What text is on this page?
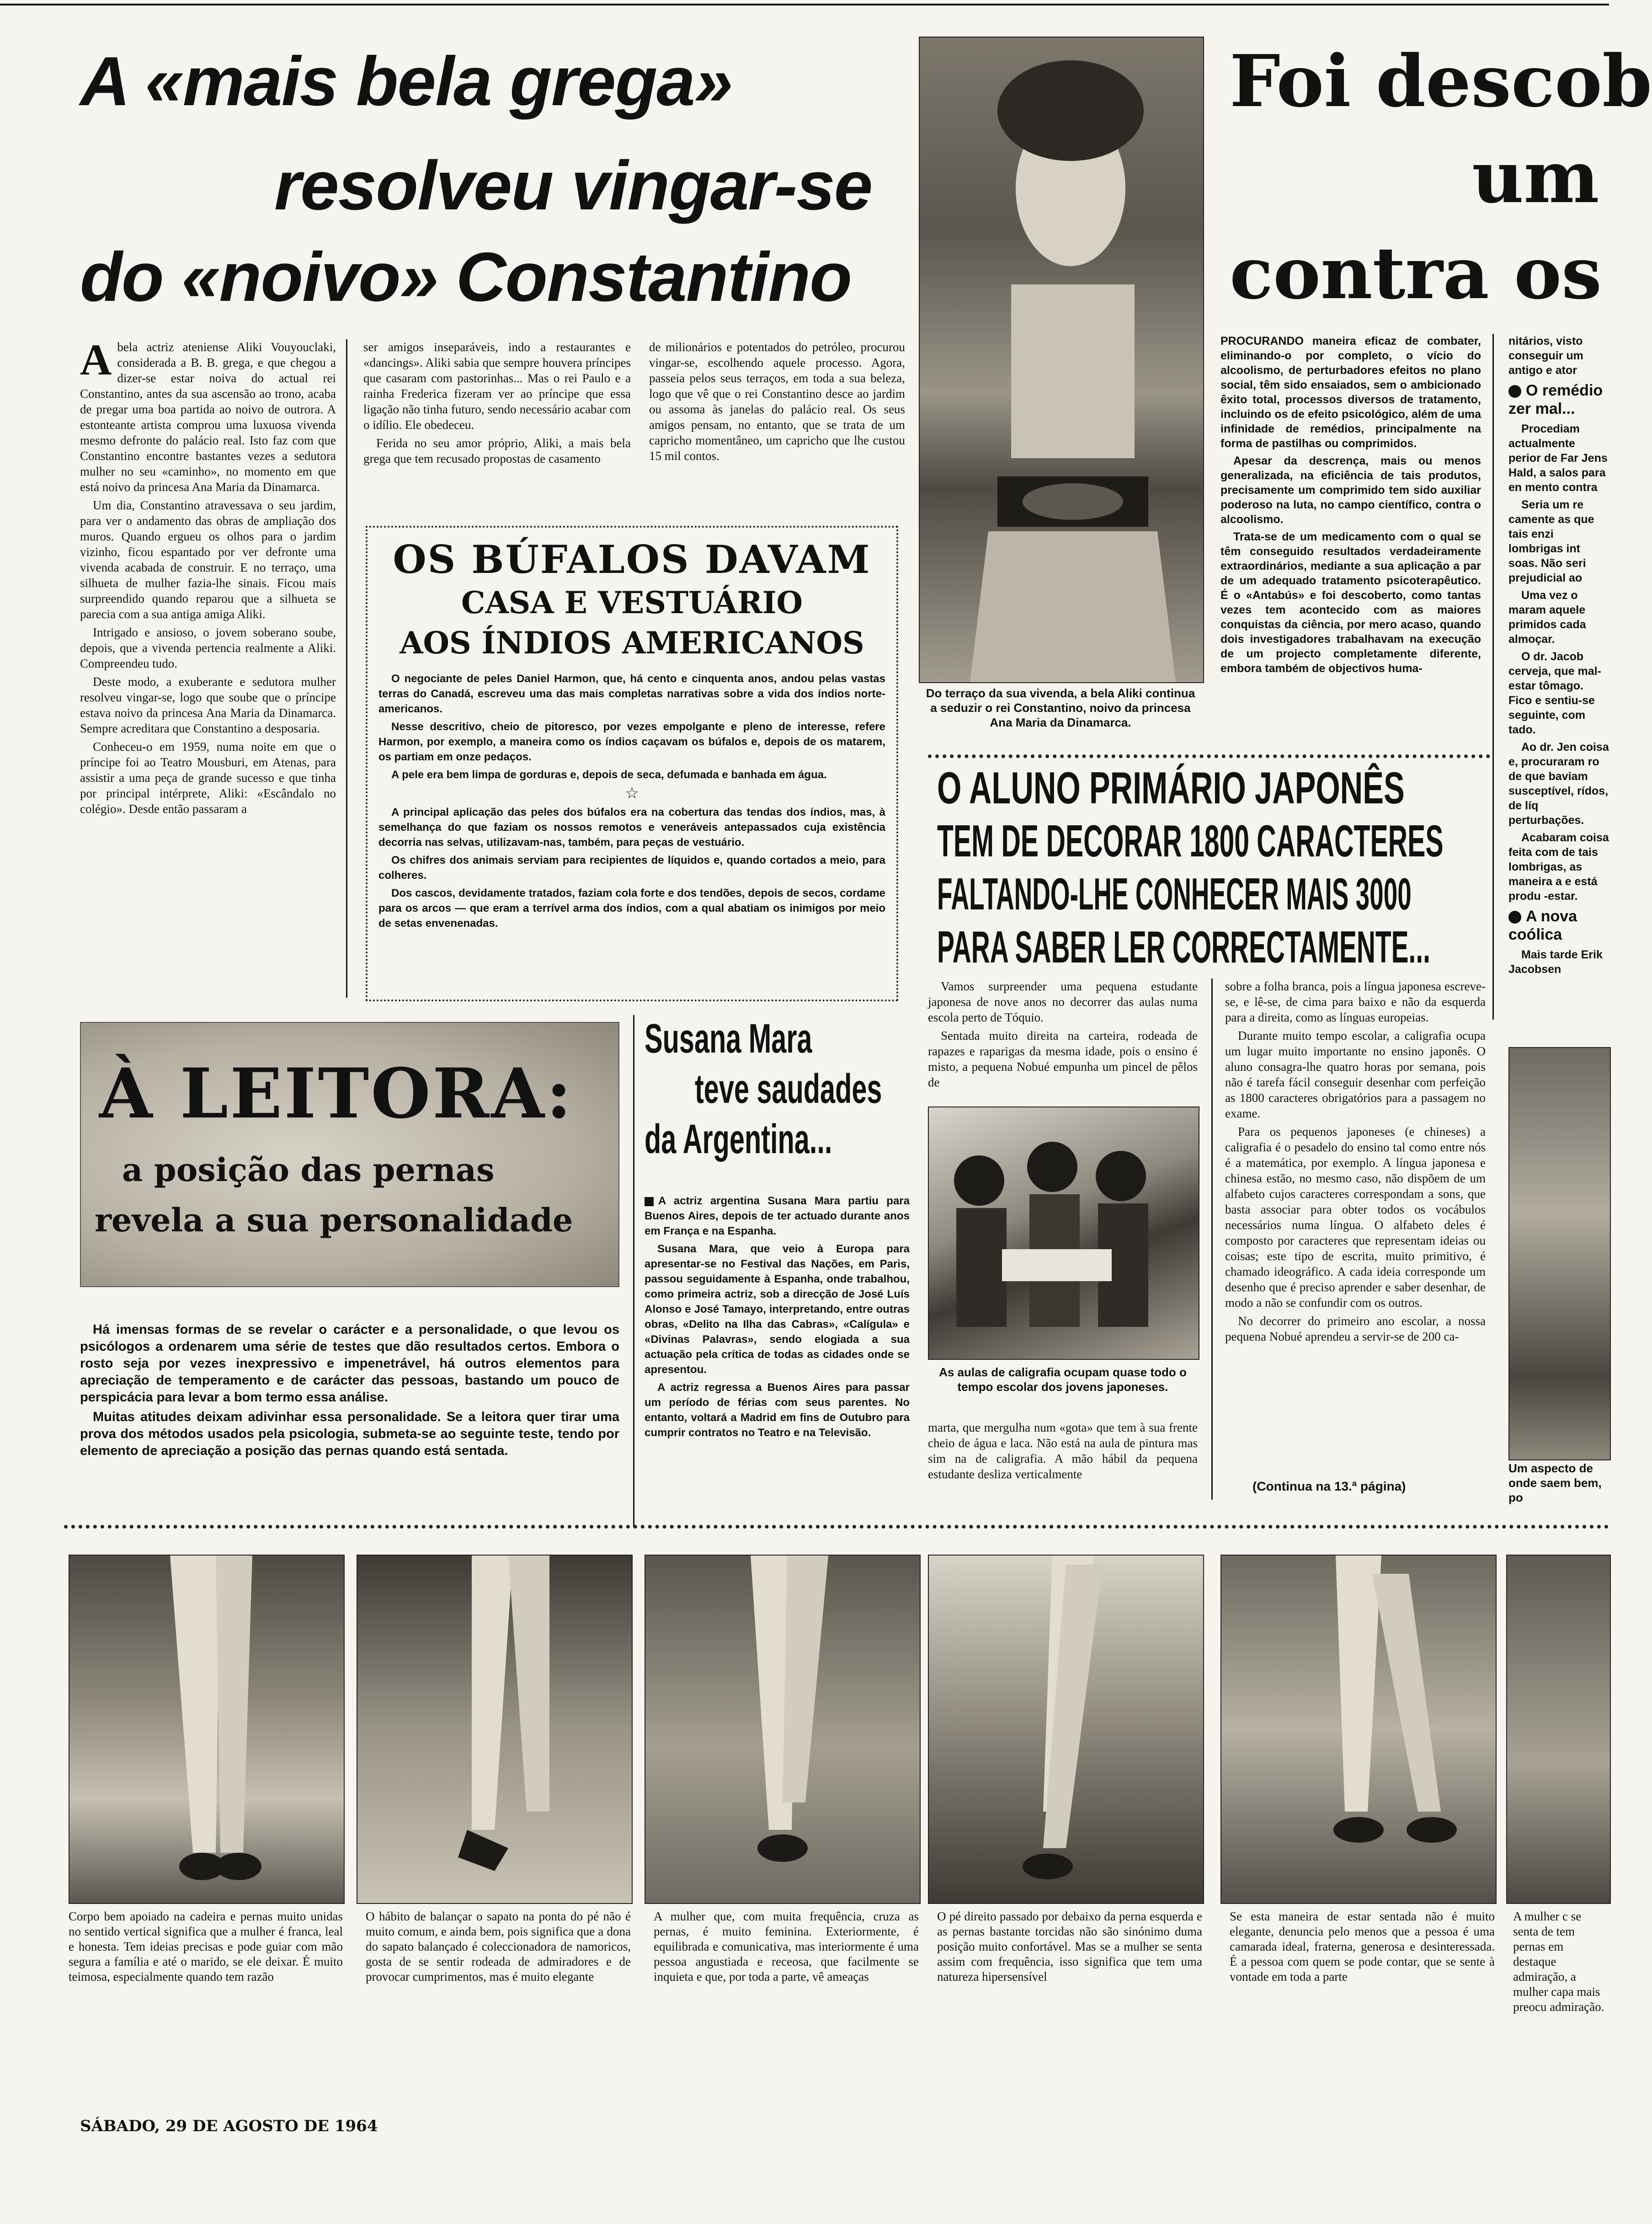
A «mais bela grega»
resolveu vingar-se
do «noivo» Constantino
A bela actriz ateniense Aliki Vouyouclaki, considerada a B. B. grega, e que chegou a dizer-se estar noiva do actual rei Constantino, antes da sua ascensão ao trono, acaba de pregar uma boa partida ao noivo de outrora. A estonteante artista comprou uma luxuosa vivenda mesmo defronte do palácio real. Isto faz com que Constantino encontre bastantes vezes a sedutora mulher no seu «caminho», no momento em que está noivo da princesa Ana Maria da Dinamarca.

Um dia, Constantino atravessava o seu jardim, para ver o andamento das obras de ampliação dos muros. Quando ergueu os olhos para o jardim vizinho, ficou espantado por ver defronte uma vivenda acabada de construir. E no terraço, uma silhueta de mulher fazia-lhe sinais. Ficou mais surpreendido quando reparou que a silhueta se parecia com a sua antiga amiga Aliki.

Intrigado e ansioso, o jovem soberano soube, depois, que a vivenda pertencia realmente a Aliki. Compreendeu tudo.

Deste modo, a exuberante e sedutora mulher resolveu vingar-se, logo que soube que o príncipe estava noivo da princesa Ana Maria da Dinamarca. Sempre acreditara que Constantino a desposaria.

Conheceu-o em 1959, numa noite em que o príncipe foi ao Teatro Mousburi, em Atenas, para assistir a uma peça de grande sucesso e que tinha por principal intérprete, Aliki: «Escândalo no colégio». Desde então passaram a

ser amigos inseparáveis, indo a restaurantes e «dancings». Aliki sabia que sempre houvera príncipes que casaram com pastorinhas... Mas o rei Paulo e a rainha Frederica fizeram ver ao príncipe que essa ligação não tinha futuro, sendo necessário acabar com o idílio. Ele obedeceu.

Ferida no seu amor próprio, Aliki, a mais bela grega que tem recusado propostas de casamento

de milionários e potentados do petróleo, procurou vingar-se, escolhendo aquele processo. Agora, passeia pelos seus terraços, em toda a sua beleza, logo que vê que o rei Constantino desce ao jardim ou assoma às janelas do palácio real. Os seus amigos pensam, no entanto, que se trata de um capricho momentâneo, um capricho que lhe custou 15 mil contos.

OS BÚFALOS DAVAM
CASA E VESTUÁRIO
AOS ÍNDIOS AMERICANOS

O negociante de peles Daniel Harmon, que, há cento e cinquenta anos, andou pelas vastas terras do Canadá, escreveu uma das mais completas narrativas sobre a vida dos índios norte-americanos.

Nesse descritivo, cheio de pitoresco, por vezes empolgante e pleno de interesse, refere Harmon, por exemplo, a maneira como os índios caçavam os búfalos e, depois de os matarem, os partiam em onze pedaços.

A pele era bem limpa de gorduras e, depois de seca, defumada e banhada em água.

☆

A principal aplicação das peles dos búfalos era na cobertura das tendas dos índios, mas, à semelhança do que faziam os nossos remotos e veneráveis antepassados cuja existência decorria nas selvas, utilizavam-nas, também, para peças de vestuário.

Os chifres dos animais serviam para recipientes de líquidos e, quando cortados a meio, para colheres.

Dos cascos, devidamente tratados, faziam cola forte e dos tendões, depois de secos, cordame para os arcos — que eram a terrível arma dos índios, com a qual abatiam os inimigos por meio de setas envenenadas.

Do terraço da sua vivenda, a bela Aliki continua a seduzir o rei Constantino, noivo da princesa Ana Maria da Dinamarca.
Foi descob
um
contra os

PROCURANDO maneira eficaz de combater, eliminando-o por completo, o vício do alcoolismo, de perturbadores efeitos no plano social, têm sido ensaiados, sem o ambicionado êxito total, processos diversos de tratamento, incluindo os de efeito psicológico, além de uma infinidade de remédios, principalmente na forma de pastilhas ou comprimidos.

Apesar da descrença, mais ou menos generalizada, na eficiência de tais produtos, precisamente um comprimido tem sido auxiliar poderoso na luta, no campo científico, contra o alcoolismo.

Trata-se de um medicamento com o qual se têm conseguido resultados verdadeiramente extraordinários, mediante a sua aplicação a par de um adequado tratamento psicoterapêutico. É o «Antabús» e foi descoberto, como tantas vezes tem acontecido com as maiores conquistas da ciência, por mero acaso, quando dois investigadores trabalhavam na execução de um projecto completamente diferente, embora também de objectivos huma-

nitários, visto conseguir um antigo e ator

O remédio zer mal...

Procediam actualmente perior de Far Jens Hald, a salos para en mento contra

Seria um re camente as que tais enzi lombrigas int soas. Não seri prejudicial ao

Uma vez o maram aquele primidos cada almoçar.

O dr. Jacob cerveja, que mal-estar tômago. Fico e sentiu-se seguinte, com tado.

Ao dr. Jen coisa e, procuraram ro de que baviam susceptível, rídos, de líq perturbações.

Acabaram coisa feita com de tais lombrigas, as maneira a e está produ -estar.

A nova coólica

Mais tarde Erik Jacobsen

O ALUNO PRIMÁRIO JAPONÊS
TEM DE DECORAR 1800 CARACTERES
FALTANDO-LHE CONHECER MAIS 3000
PARA SABER LER CORRECTAMENTE...

Vamos surpreender uma pequena estudante japonesa de nove anos no decorrer das aulas numa escola perto de Tóquio.

Sentada muito direita na carteira, rodeada de rapazes e raparigas da mesma idade, pois o ensino é misto, a pequena Nobué empunha um pincel de pêlos de

As aulas de caligrafia ocupam quase todo o tempo escolar dos jovens japoneses.

marta, que mergulha num «gota» que tem à sua frente cheio de água e laca. Não está na aula de pintura mas sim na de caligrafia. A mão hábil da pequena estudante desliza verticalmente

sobre a folha branca, pois a língua japonesa escreve-se, e lê-se, de cima para baixo e não da esquerda para a direita, como as línguas europeias.

Durante muito tempo escolar, a caligrafia ocupa um lugar muito importante no ensino japonês. O aluno consagra-lhe quatro horas por semana, pois não é tarefa fácil conseguir desenhar com perfeição as 1800 caracteres obrigatórios para a passagem no exame.

Para os pequenos japoneses (e chineses) a caligrafia é o pesadelo do ensino tal como entre nós é a matemática, por exemplo. A língua japonesa e chinesa estão, no mesmo caso, não dispõem de um alfabeto cujos caracteres correspondam a sons, que basta associar para obter todos os vocábulos necessários numa língua. O alfabeto deles é composto por caracteres que representam ideias ou coisas; este tipo de escrita, muito primitivo, é chamado ideográfico. A cada ideia corresponde um desenho que é preciso aprender e saber desenhar, de modo a não se confundir com os outros.

No decorrer do primeiro ano escolar, a nossa pequena Nobué aprendeu a servir-se de 200 ca-

(Continua na 13.ª página)
Um aspecto de onde saem bem, po
À LEITORA:
a posição das pernas
revela a sua personalidade

Há imensas formas de se revelar o carácter e a personalidade, o que levou os psicólogos a ordenarem uma série de testes que dão resultados certos. Embora o rosto seja por vezes inexpressivo e impenetrável, há outros elementos para apreciação de temperamento e de carácter das pessoas, bastando um pouco de perspicácia para levar a bom termo essa análise.

Muitas atitudes deixam adivinhar essa personalidade. Se a leitora quer tirar uma prova dos métodos usados pela psicologia, submeta-se ao seguinte teste, tendo por elemento de apreciação a posição das pernas quando está sentada.

Susana Mara
teve saudades
da Argentina...

A actriz argentina Susana Mara partiu para Buenos Aires, depois de ter actuado durante anos em França e na Espanha.

Susana Mara, que veio à Europa para apresentar-se no Festival das Nações, em Paris, passou seguidamente à Espanha, onde trabalhou, como primeira actriz, sob a direcção de José Luís Alonso e José Tamayo, interpretando, entre outras obras, «Delito na Ilha das Cabras», «Calígula» e «Divinas Palavras», sendo elogiada a sua actuação pela crítica de todas as cidades onde se apresentou.

A actriz regressa a Buenos Aires para passar um período de férias com seus parentes. No entanto, voltará a Madrid em fins de Outubro para cumprir contratos no Teatro e na Televisão.

Corpo bem apoiado na cadeira e pernas muito unidas no sentido vertical significa que a mulher é franca, leal e honesta. Tem ideias precisas e pode guiar com mão segura a família e até o marido, se ele deixar. É muito teimosa, especialmente quando tem razão
O hábito de balançar o sapato na ponta do pé não é muito comum, e ainda bem, pois significa que a dona do sapato balançado é coleccionadora de namoricos, gosta de se sentir rodeada de admiradores e de provocar cumprimentos, mas é muito elegante
A mulher que, com muita frequência, cruza as pernas, é muito feminina. Exteriormente, é equilibrada e comunicativa, mas interiormente é uma pessoa angustiada e receosa, que facilmente se inquieta e que, por toda a parte, vê ameaças
O pé direito passado por debaixo da perna esquerda e as pernas bastante torcidas não são sinónimo duma posição muito confortável. Mas se a mulher se senta assim com frequência, isso significa que tem uma natureza hipersensível
Se esta maneira de estar sentada não é muito elegante, denuncia pelo menos que a pessoa é uma camarada ideal, fraterna, generosa e desinteressada. É a pessoa com quem se pode contar, que se sente à vontade em toda a parte
A mulher c se senta de tem pernas em destaque admiração, a mulher capa mais preocu admiração.
SÁBADO, 29 DE AGOSTO DE 1964
